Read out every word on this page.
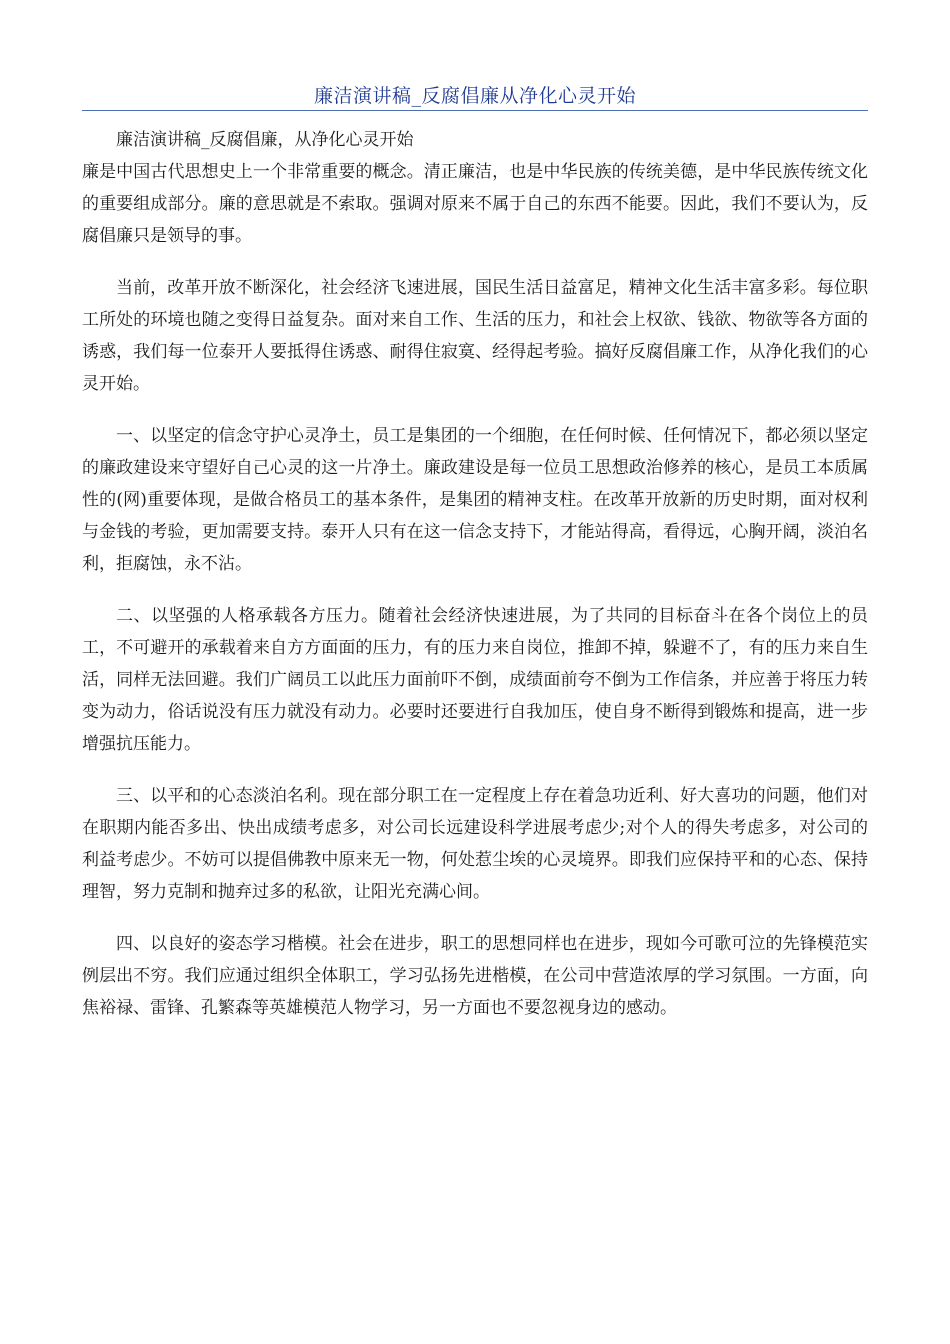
廉洁演讲稿_反腐倡廉从净化心灵开始

廉洁演讲稿_反腐倡廉，从净化心灵开始

廉是中国古代思想史上一个非常重要的概念。清正廉洁，也是中华民族的传统美德，是中华民族传统文化的重要组成部分。廉的意思就是不索取。强调对原来不属于自己的东西不能要。因此，我们不要认为，反腐倡廉只是领导的事。

当前，改革开放不断深化，社会经济飞速进展，国民生活日益富足，精神文化生活丰富多彩。每位职工所处的环境也随之变得日益复杂。面对来自工作、生活的压力，和社会上权欲、钱欲、物欲等各方面的诱惑，我们每一位泰开人要抵得住诱惑、耐得住寂寞、经得起考验。搞好反腐倡廉工作，从净化我们的心灵开始。

一、以坚定的信念守护心灵净土，员工是集团的一个细胞，在任何时候、任何情况下，都必须以坚定的廉政建设来守望好自己心灵的这一片净土。廉政建设是每一位员工思想政治修养的核心，是员工本质属性的(网)重要体现，是做合格员工的基本条件，是集团的精神支柱。在改革开放新的历史时期，面对权利与金钱的考验，更加需要支持。泰开人只有在这一信念支持下，才能站得高，看得远，心胸开阔，淡泊名利，拒腐蚀，永不沾。

二、以坚强的人格承载各方压力。随着社会经济快速进展，为了共同的目标奋斗在各个岗位上的员工，不可避开的承载着来自方方面面的压力，有的压力来自岗位，推卸不掉，躲避不了，有的压力来自生活，同样无法回避。我们广阔员工以此压力面前吓不倒，成绩面前夸不倒为工作信条，并应善于将压力转变为动力，俗话说没有压力就没有动力。必要时还要进行自我加压，使自身不断得到锻炼和提高，进一步增强抗压能力。

三、以平和的心态淡泊名利。现在部分职工在一定程度上存在着急功近利、好大喜功的问题，他们对在职期内能否多出、快出成绩考虑多，对公司长远建设科学进展考虑少;对个人的得失考虑多，对公司的利益考虑少。不妨可以提倡佛教中原来无一物，何处惹尘埃的心灵境界。即我们应保持平和的心态、保持理智，努力克制和抛弃过多的私欲，让阳光充满心间。

四、以良好的姿态学习楷模。社会在进步，职工的思想同样也在进步，现如今可歌可泣的先锋模范实例层出不穷。我们应通过组织全体职工，学习弘扬先进楷模，在公司中营造浓厚的学习氛围。一方面，向焦裕禄、雷锋、孔繁森等英雄模范人物学习，另一方面也不要忽视身边的感动。
